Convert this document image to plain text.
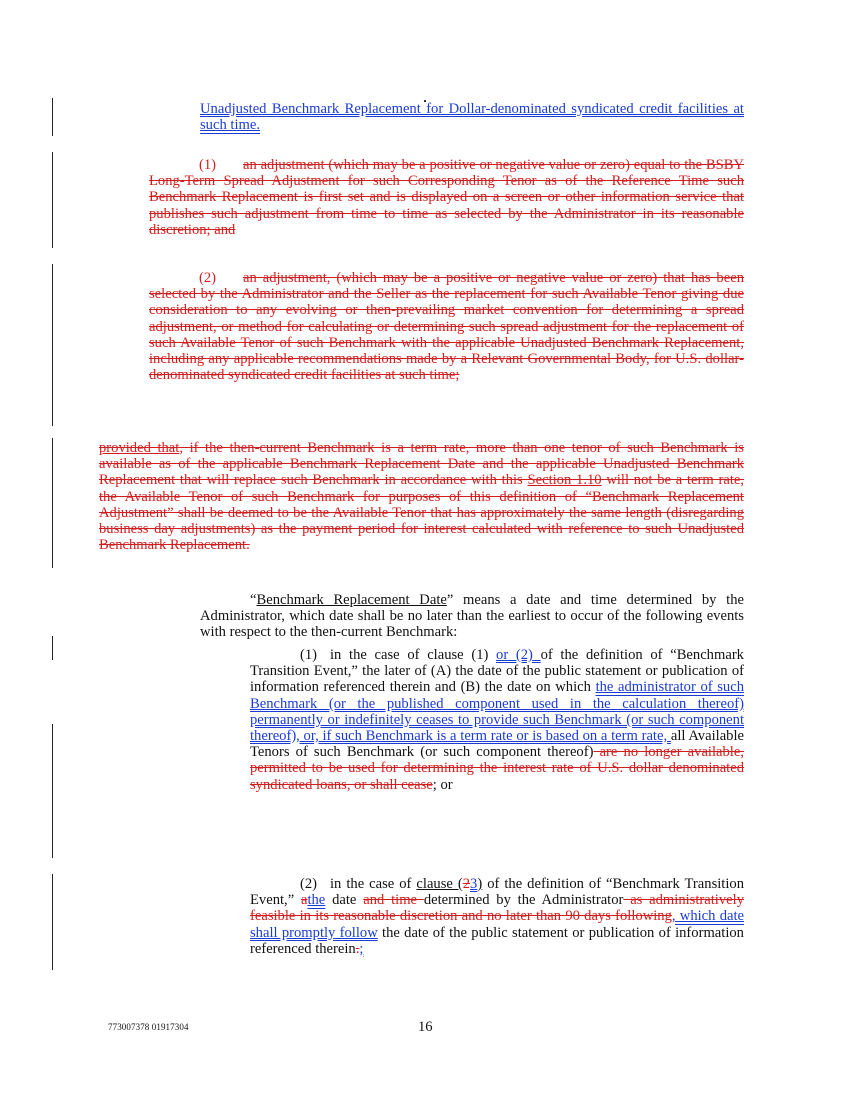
Unadjusted Benchmark Replacement for Dollar-denominated syndicated credit facilities at such time.
(1) an adjustment (which may be a positive or negative value or zero) equal to the BSBY Long-Term Spread Adjustment for such Corresponding Tenor as of the Reference Time such Benchmark Replacement is first set and is displayed on a screen or other information service that publishes such adjustment from time to time as selected by the Administrator in its reasonable discretion; and
(2) an adjustment, (which may be a positive or negative value or zero) that has been selected by the Administrator and the Seller as the replacement for such Available Tenor giving due consideration to any evolving or then-prevailing market convention for determining a spread adjustment, or method for calculating or determining such spread adjustment for the replacement of such Available Tenor of such Benchmark with the applicable Unadjusted Benchmark Replacement, including any applicable recommendations made by a Relevant Governmental Body, for U.S. dollar-denominated syndicated credit facilities at such time;
provided that, if the then-current Benchmark is a term rate, more than one tenor of such Benchmark is available as of the applicable Benchmark Replacement Date and the applicable Unadjusted Benchmark Replacement that will replace such Benchmark in accordance with this Section 1.10 will not be a term rate, the Available Tenor of such Benchmark for purposes of this definition of “Benchmark Replacement Adjustment” shall be deemed to be the Available Tenor that has approximately the same length (disregarding business day adjustments) as the payment period for interest calculated with reference to such Unadjusted Benchmark Replacement.
“Benchmark Replacement Date” means a date and time determined by the Administrator, which date shall be no later than the earliest to occur of the following events with respect to the then-current Benchmark:
(1) in the case of clause (1) or (2) of the definition of “Benchmark Transition Event,” the later of (A) the date of the public statement or publication of information referenced therein and (B) the date on which the administrator of such Benchmark (or the published component used in the calculation thereof) permanently or indefinitely ceases to provide such Benchmark (or such component thereof), or, if such Benchmark is a term rate or is based on a term rate, all Available Tenors of such Benchmark (or such component thereof) are no longer available, permitted to be used for determining the interest rate of U.S. dollar denominated syndicated loans, or shall cease; or
(2) in the case of clause (23) of the definition of “Benchmark Transition Event,” athe date and time determined by the Administrator as administratively feasible in its reasonable discretion and no later than 90 days following, which date shall promptly follow the date of the public statement or publication of information referenced therein.;
773007378 01917304	16
